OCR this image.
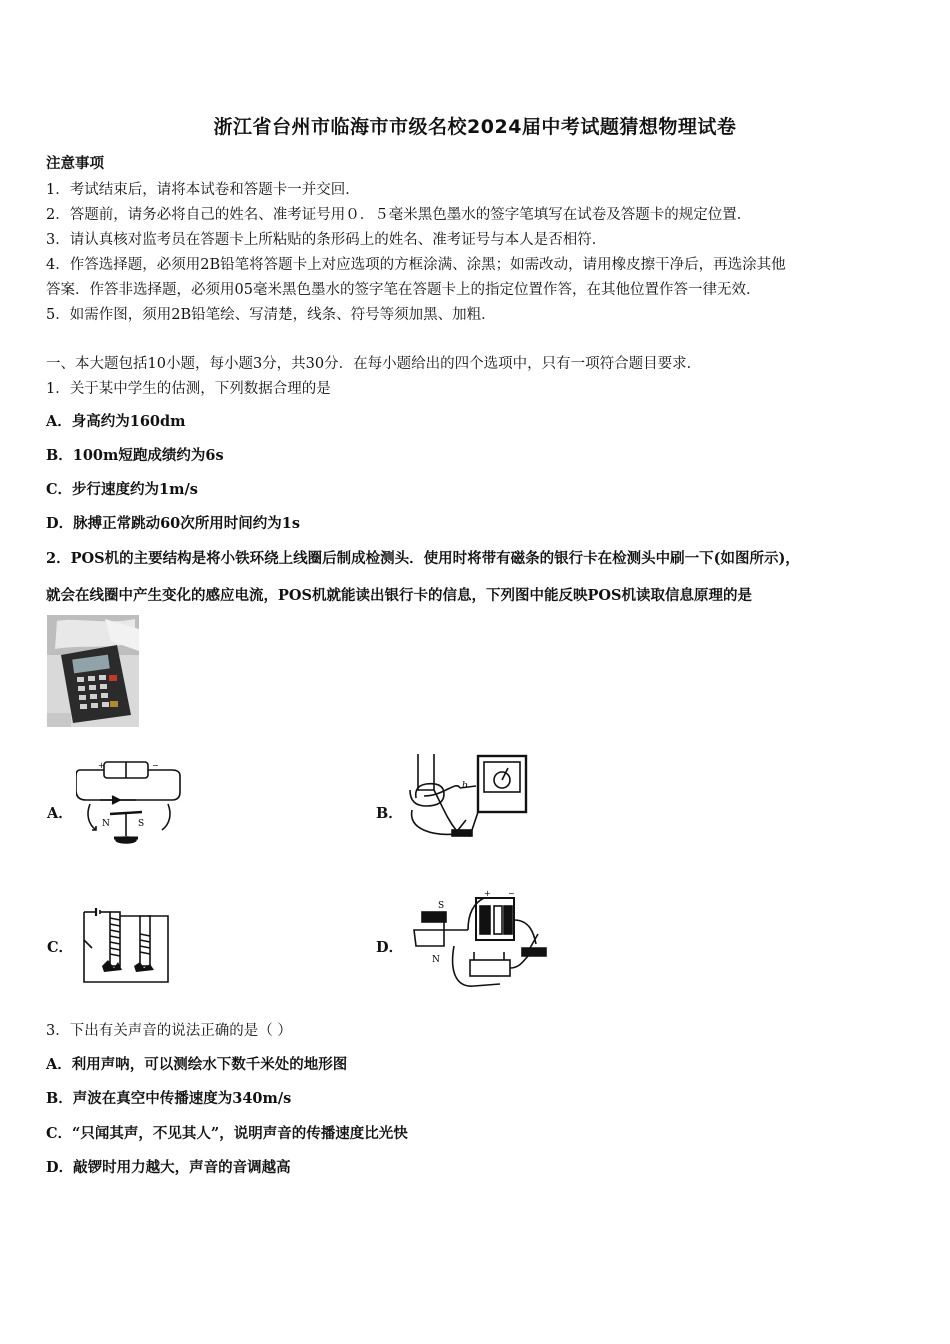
浙江省台州市临海市市级名校2024届中考试题猜想物理试卷
注意事项
1．考试结束后，请将本试卷和答题卡一并交回．
2．答题前，请务必将自己的姓名、准考证号用０．５毫米黑色墨水的签字笔填写在试卷及答题卡的规定位置．
3．请认真核对监考员在答题卡上所粘贴的条形码上的姓名、准考证号与本人是否相符．
4．作答选择题，必须用2B铅笔将答题卡上对应选项的方框涂满、涂黑；如需改动，请用橡皮擦干净后，再选涂其他
答案．作答非选择题，必须用05毫米黑色墨水的签字笔在答题卡上的指定位置作答，在其他位置作答一律无效．
5．如需作图，须用2B铅笔绘、写清楚，线条、符号等须加黑、加粗．
一、本大题包括10小题，每小题3分，共30分．在每小题给出的四个选项中，只有一项符合题目要求．
1．关于某中学生的估测，下列数据合理的是
A．身高约为160dm
B．100m短跑成绩约为6s
C．步行速度约为1m/s
D．脉搏正常跳动60次所用时间约为1s
2．POS机的主要结构是将小铁环绕上线圈后制成检测头．使用时将带有磁条的银行卡在检测头中刷一下(如图所示)，
就会在线圈中产生变化的感应电流，POS机就能读出银行卡的信息，下列图中能反映POS机读取信息原理的是
A．
N	S
+	−
B．
b
C．	D．
S
N
+ −
3．下出有关声音的说法正确的是（ ）
A．利用声呐，可以测绘水下数千米处的地形图
B．声波在真空中传播速度为340m/s
C．“只闻其声，不见其人”，说明声音的传播速度比光快
D．敲锣时用力越大，声音的音调越高
